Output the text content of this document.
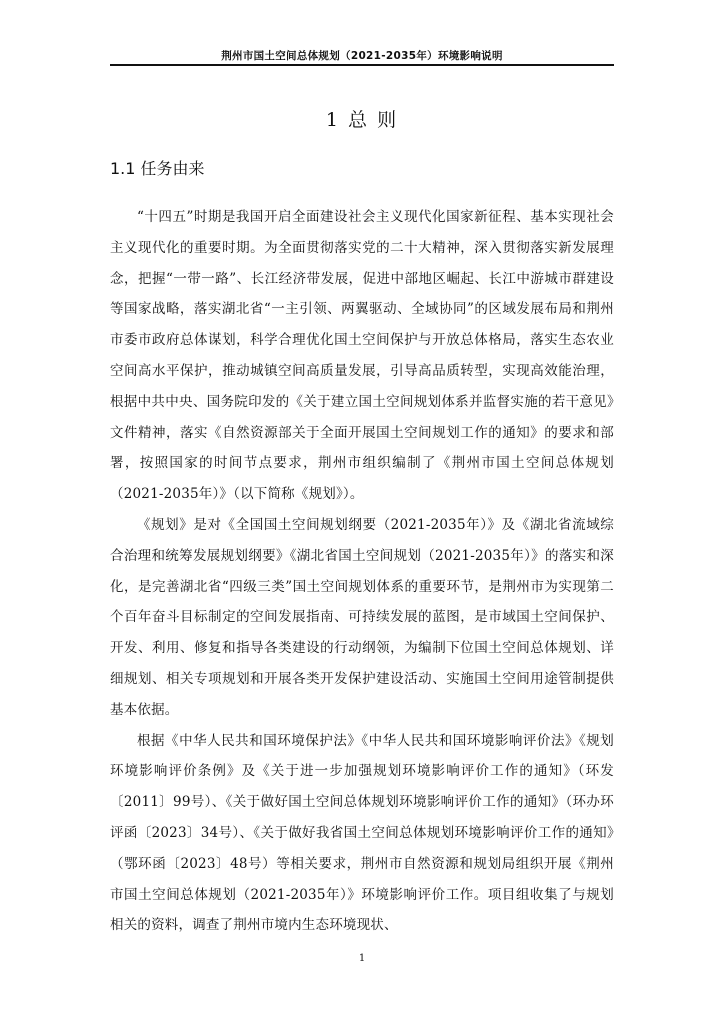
荆州市国土空间总体规划（2021-2035年）环境影响说明
1 总 则
1.1 任务由来

“十四五”时期是我国开启全面建设社会主义现代化国家新征程、基本实现社会主义现代化的重要时期。为全面贯彻落实党的二十大精神，深入贯彻落实新发展理念，把握“一带一路”、长江经济带发展，促进中部地区崛起、长江中游城市群建设等国家战略，落实湖北省“一主引领、两翼驱动、全域协同”的区域发展布局和荆州市委市政府总体谋划，科学合理优化国土空间保护与开放总体格局，落实生态农业空间高水平保护，推动城镇空间高质量发展，引导高品质转型，实现高效能治理，根据中共中央、国务院印发的《关于建立国土空间规划体系并监督实施的若干意见》文件精神，落实《自然资源部关于全面开展国土空间规划工作的通知》的要求和部署，按照国家的时间节点要求，荆州市组织编制了《荆州市国土空间总体规划（2021-2035年）》（以下简称《规划》）。

《规划》是对《全国国土空间规划纲要（2021-2035年）》及《湖北省流域综合治理和统筹发展规划纲要》《湖北省国土空间规划（2021-2035年）》的落实和深化，是完善湖北省“四级三类”国土空间规划体系的重要环节，是荆州市为实现第二个百年奋斗目标制定的空间发展指南、可持续发展的蓝图，是市域国土空间保护、开发、利用、修复和指导各类建设的行动纲领，为编制下位国土空间总体规划、详细规划、相关专项规划和开展各类开发保护建设活动、实施国土空间用途管制提供基本依据。

根据《中华人民共和国环境保护法》《中华人民共和国环境影响评价法》《规划环境影响评价条例》及《关于进一步加强规划环境影响评价工作的通知》（环发〔2011〕99号）、《关于做好国土空间总体规划环境影响评价工作的通知》（环办环评函〔2023〕34号）、《关于做好我省国土空间总体规划环境影响评价工作的通知》（鄂环函〔2023〕48号）等相关要求，荆州市自然资源和规划局组织开展《荆州市国土空间总体规划（2021-2035年）》环境影响评价工作。项目组收集了与规划相关的资料，调查了荆州市境内生态环境现状、

1
